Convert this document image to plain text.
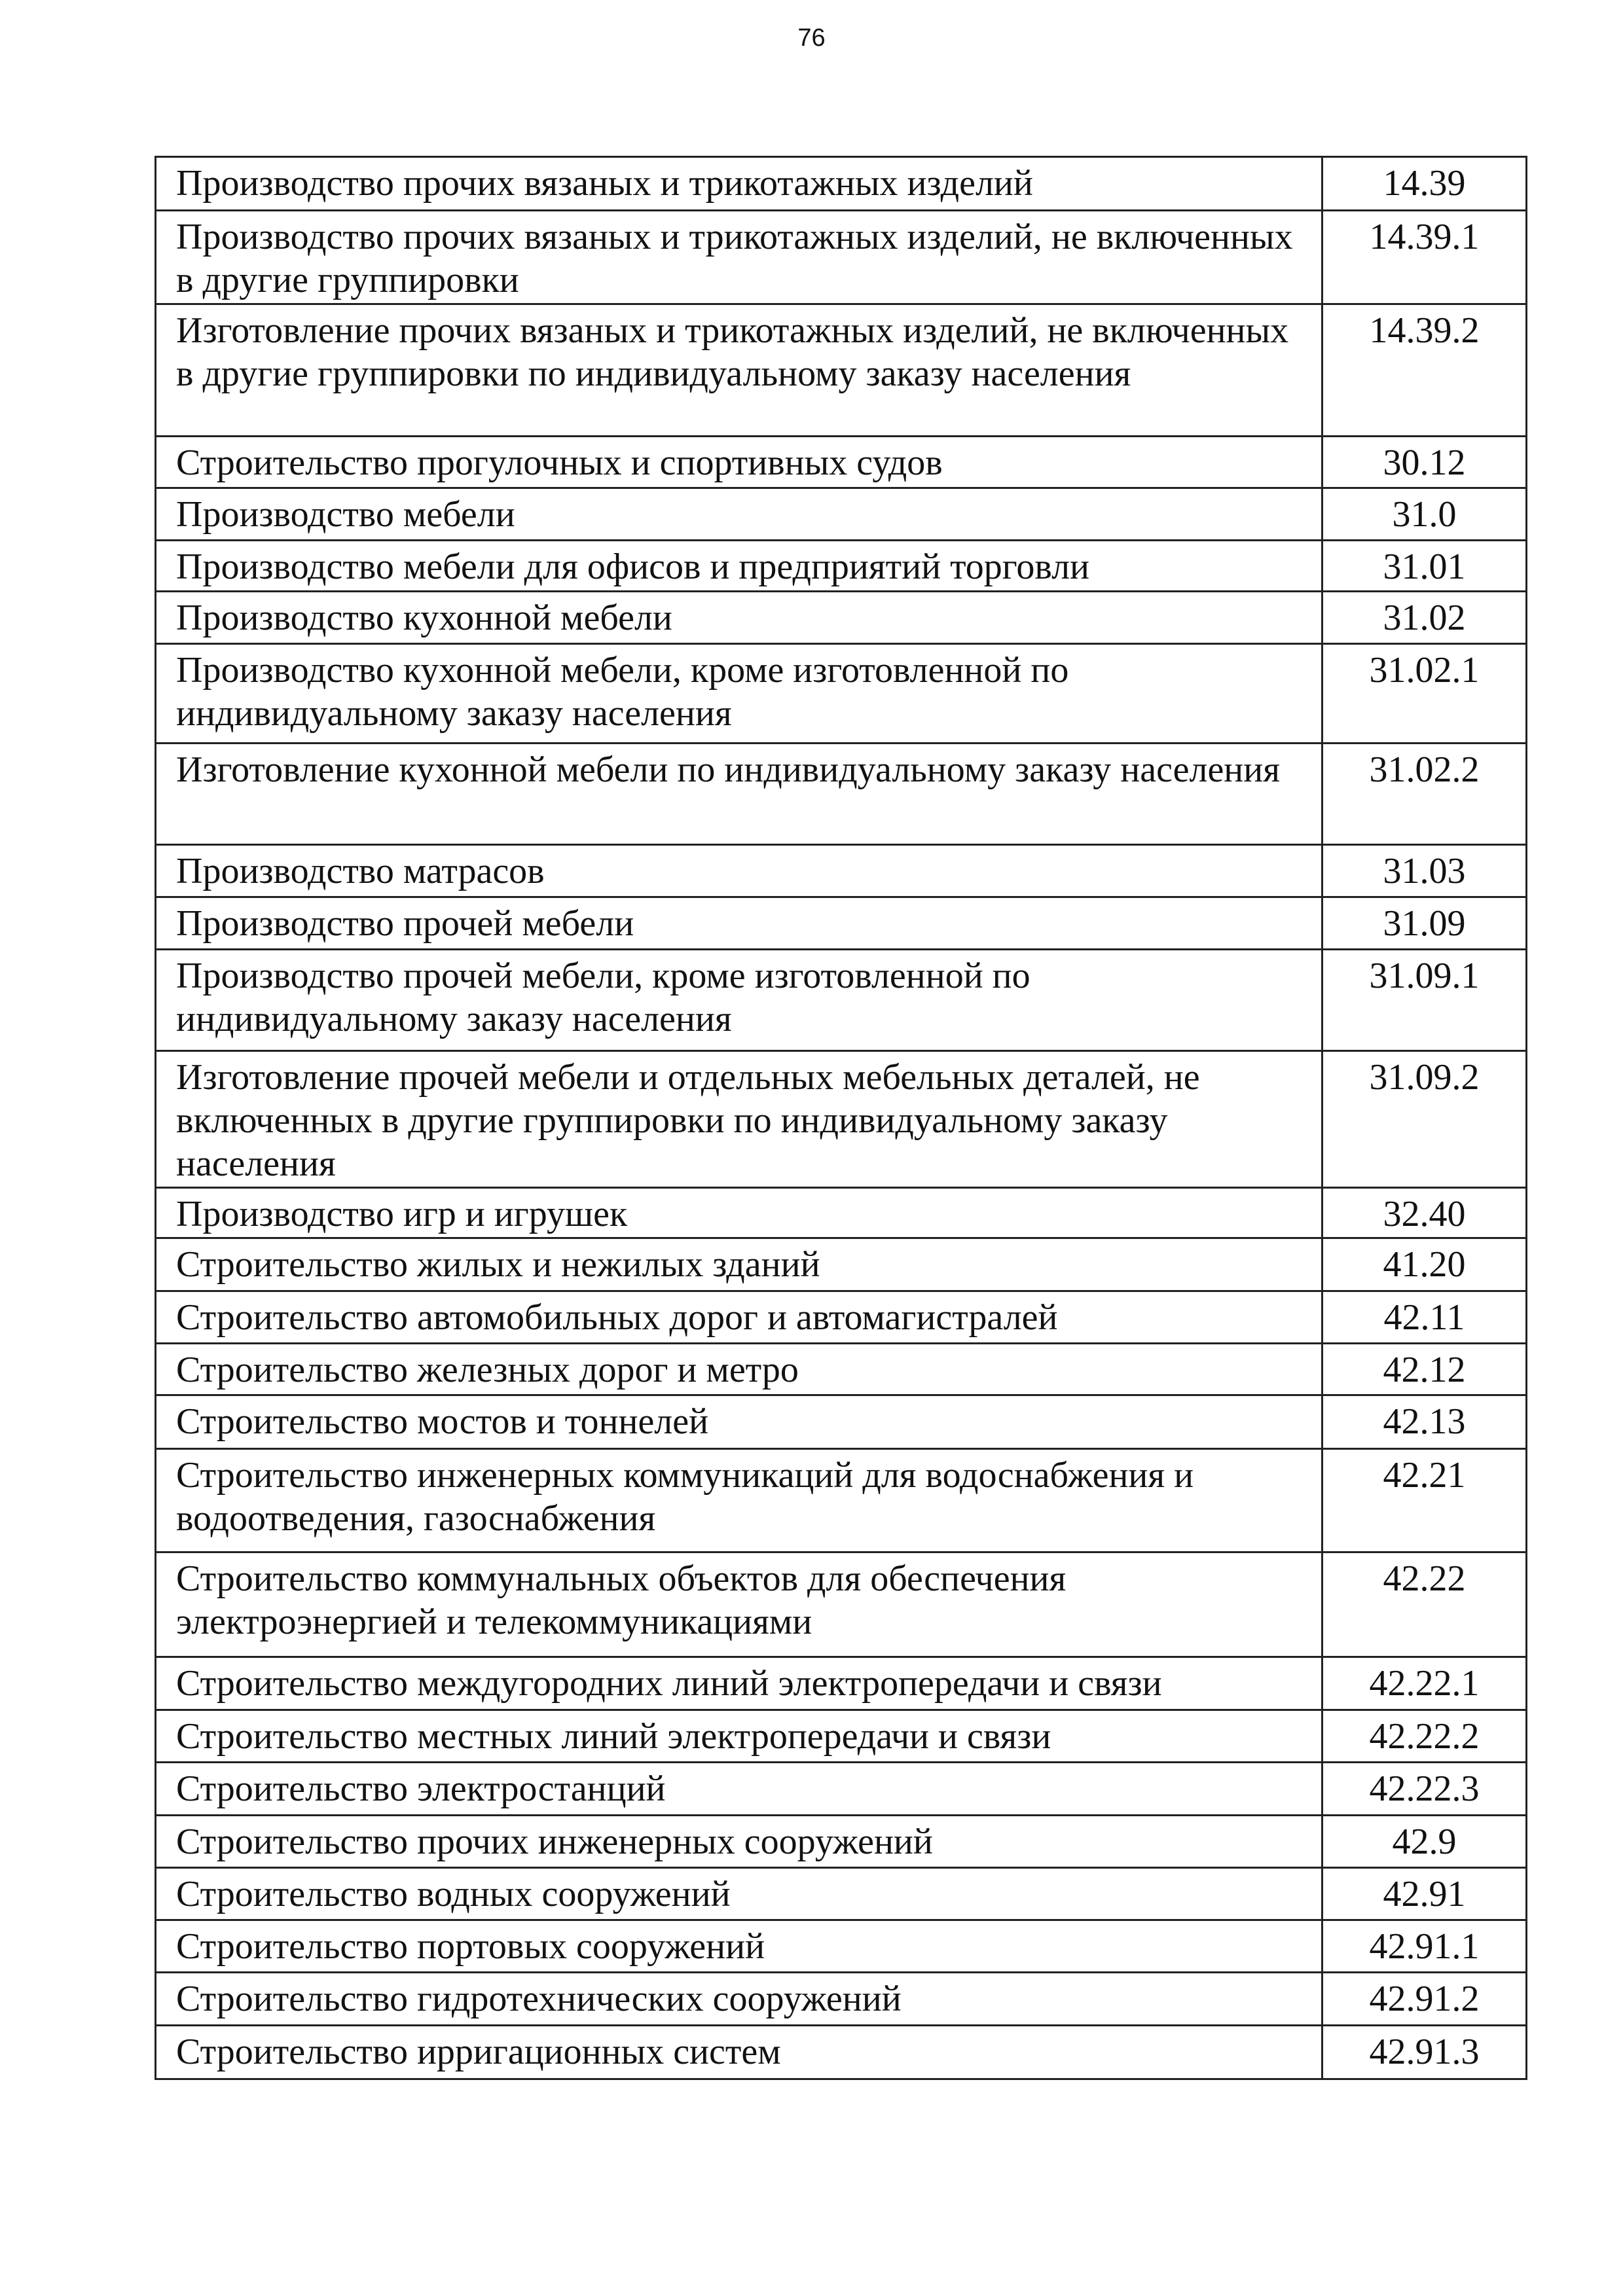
76
Производство прочих вязаных и трикотажных изделий	14.39
Производство прочих вязаных и трикотажных изделий, не включенных в другие группировки	14.39.1
Изготовление прочих вязаных и трикотажных изделий, не включенных в другие группировки по индивидуальному заказу населения	14.39.2
Строительство прогулочных и спортивных судов	30.12
Производство мебели	31.0
Производство мебели для офисов и предприятий торговли	31.01
Производство кухонной мебели	31.02
Производство кухонной мебели, кроме изготовленной по индивидуальному заказу населения	31.02.1
Изготовление кухонной мебели по индивидуальному заказу населения	31.02.2
Производство матрасов	31.03
Производство прочей мебели	31.09
Производство прочей мебели, кроме изготовленной по индивидуальному заказу населения	31.09.1
Изготовление прочей мебели и отдельных мебельных деталей, не включенных в другие группировки по индивидуальному заказу населения	31.09.2
Производство игр и игрушек	32.40
Строительство жилых и нежилых зданий	41.20
Строительство автомобильных дорог и автомагистралей	42.11
Строительство железных дорог и метро	42.12
Строительство мостов и тоннелей	42.13
Строительство инженерных коммуникаций для водоснабжения и водоотведения, газоснабжения	42.21
Строительство коммунальных объектов для обеспечения электроэнергией и телекоммуникациями	42.22
Строительство междугородних линий электропередачи и связи	42.22.1
Строительство местных линий электропередачи и связи	42.22.2
Строительство электростанций	42.22.3
Строительство прочих инженерных сооружений	42.9
Строительство водных сооружений	42.91
Строительство портовых сооружений	42.91.1
Строительство гидротехнических сооружений	42.91.2
Строительство ирригационных систем	42.91.3
